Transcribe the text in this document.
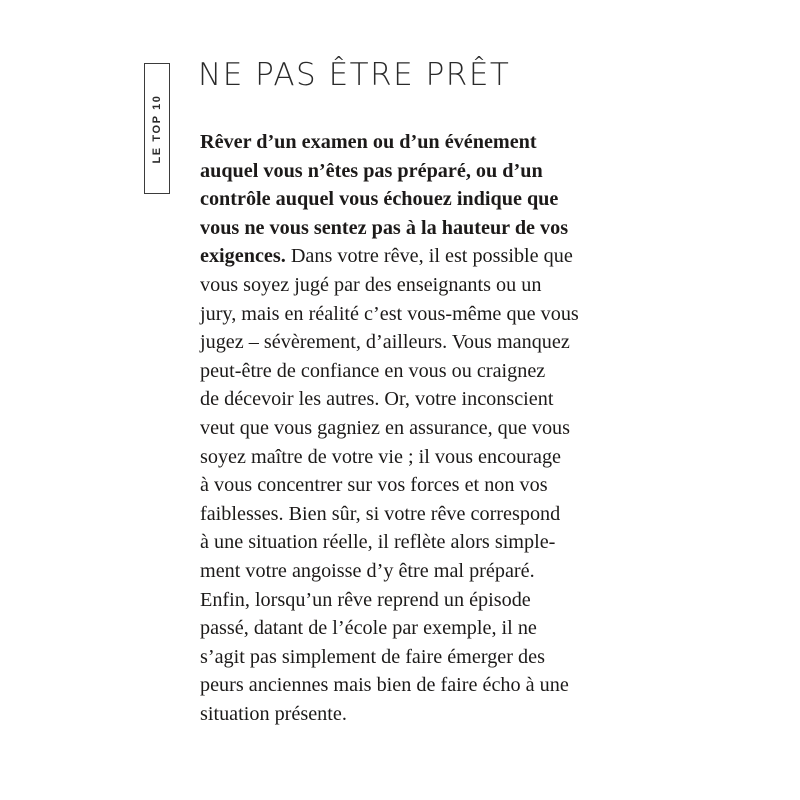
LE TOP 10
NE PAS ÊTRE PRÊT
Rêver d’un examen ou d’un événement
auquel vous n’êtes pas préparé, ou d’un
contrôle auquel vous échouez indique que
vous ne vous sentez pas à la hauteur de vos
exigences. Dans votre rêve, il est possible que
vous soyez jugé par des enseignants ou un
jury, mais en réalité c’est vous-même que vous
jugez – sévèrement, d’ailleurs. Vous manquez
peut-être de confiance en vous ou craignez
de décevoir les autres. Or, votre inconscient
veut que vous gagniez en assurance, que vous
soyez maître de votre vie ; il vous encourage
à vous concentrer sur vos forces et non vos
faiblesses. Bien sûr, si votre rêve correspond
à une situation réelle, il reflète alors simple-
ment votre angoisse d’y être mal préparé.
Enfin, lorsqu’un rêve reprend un épisode
passé, datant de l’école par exemple, il ne
s’agit pas simplement de faire émerger des
peurs anciennes mais bien de faire écho à une
situation présente.
